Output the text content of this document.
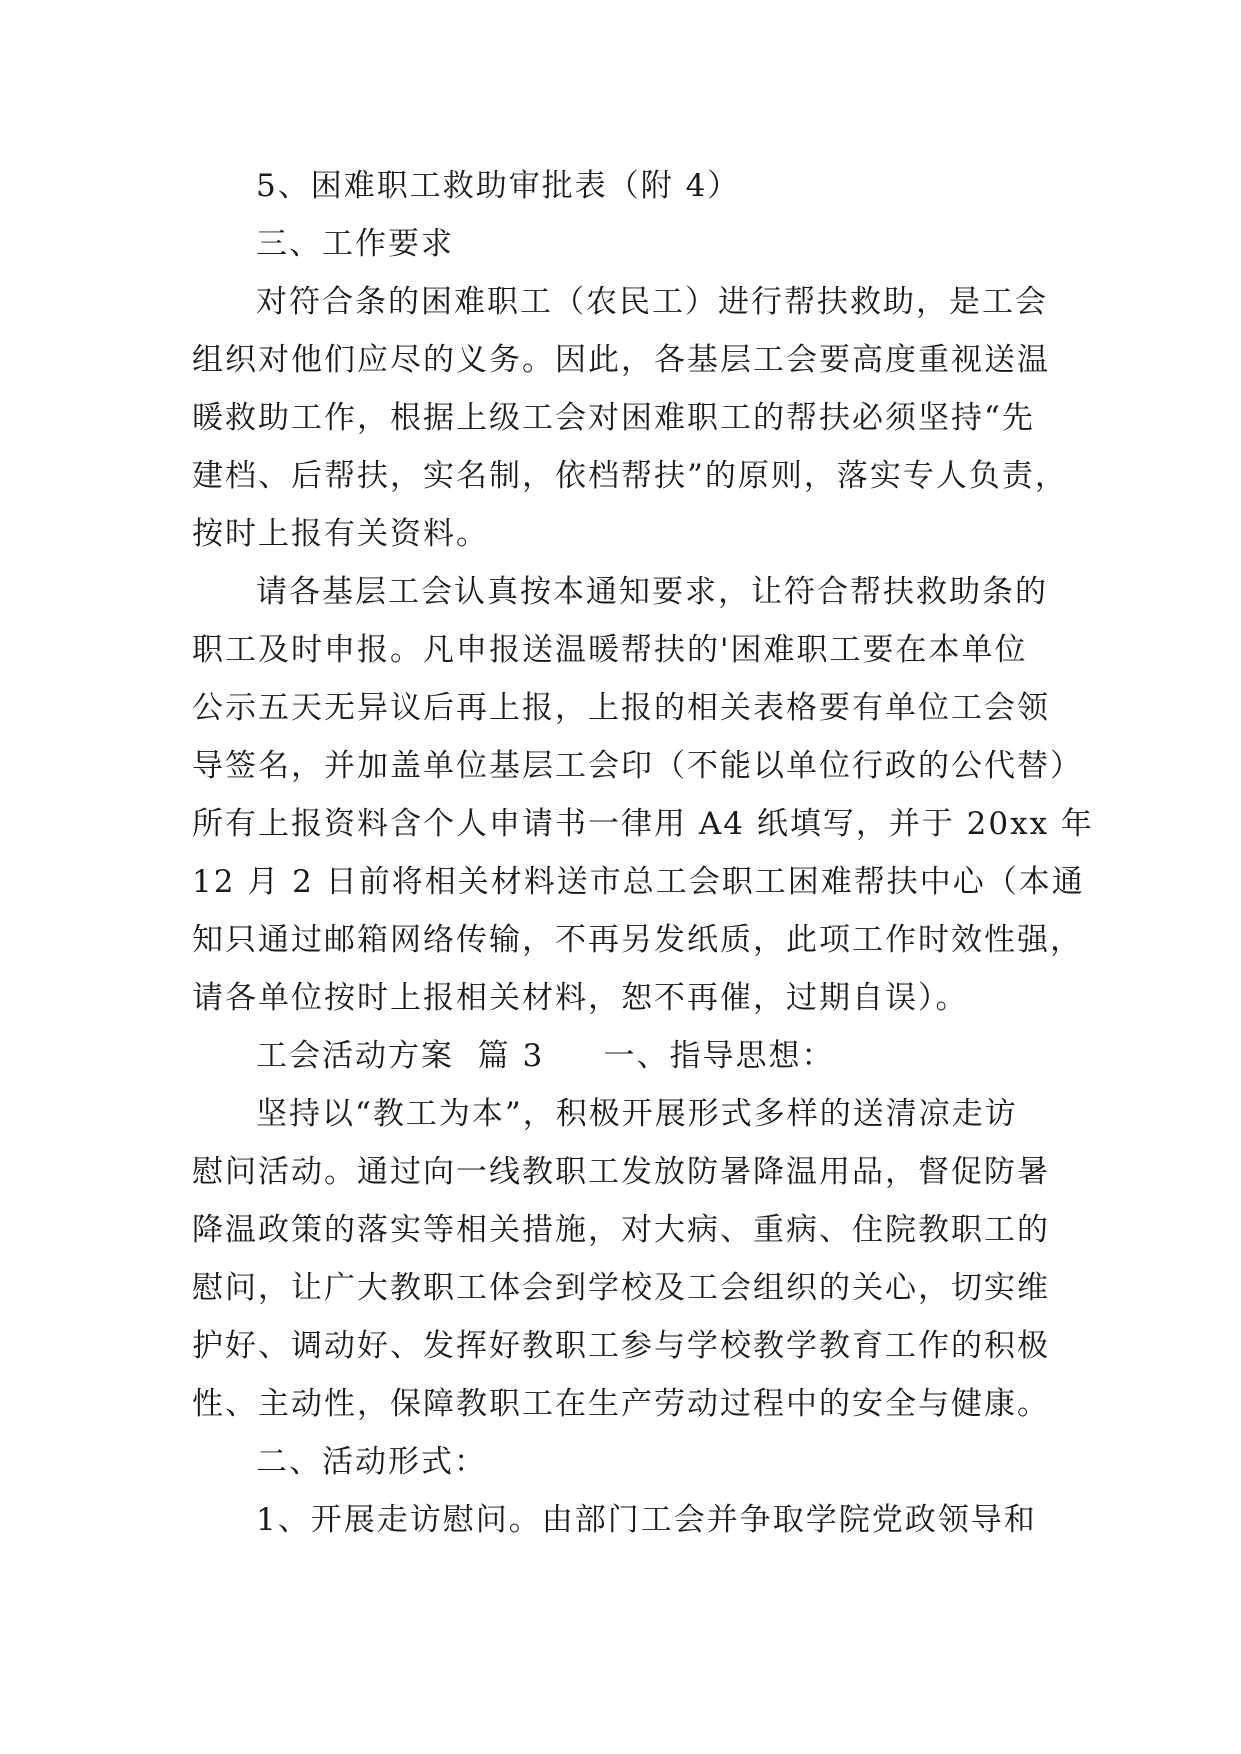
5、困难职工救助审批表（附 4）
三、工作要求
对符合条的困难职工（农民工）进行帮扶救助，是工会
组织对他们应尽的义务。因此，各基层工会要高度重视送温
暖救助工作，根据上级工会对困难职工的帮扶必须坚持“先
建档、后帮扶，实名制，依档帮扶”的原则，落实专人负责，
按时上报有关资料。
请各基层工会认真按本通知要求，让符合帮扶救助条的
职工及时申报。凡申报送温暖帮扶的'困难职工要在本单位
公示五天无异议后再上报，上报的相关表格要有单位工会领
导签名，并加盖单位基层工会印（不能以单位行政的公代替）
所有上报资料含个人申请书一律用 A4 纸填写，并于 20xx 年
12 月 2 日前将相关材料送市总工会职工困难帮扶中心（本通
知只通过邮箱网络传输，不再另发纸质，此项工作时效性强，
请各单位按时上报相关材料，恕不再催，过期自误）。
工会活动方案  篇 3     一、指导思想：
坚持以“教工为本”，积极开展形式多样的送清凉走访
慰问活动。通过向一线教职工发放防暑降温用品，督促防暑
降温政策的落实等相关措施，对大病、重病、住院教职工的
慰问，让广大教职工体会到学校及工会组织的关心，切实维
护好、调动好、发挥好教职工参与学校教学教育工作的积极
性、主动性，保障教职工在生产劳动过程中的安全与健康。
二、活动形式：
1、开展走访慰问。由部门工会并争取学院党政领导和
